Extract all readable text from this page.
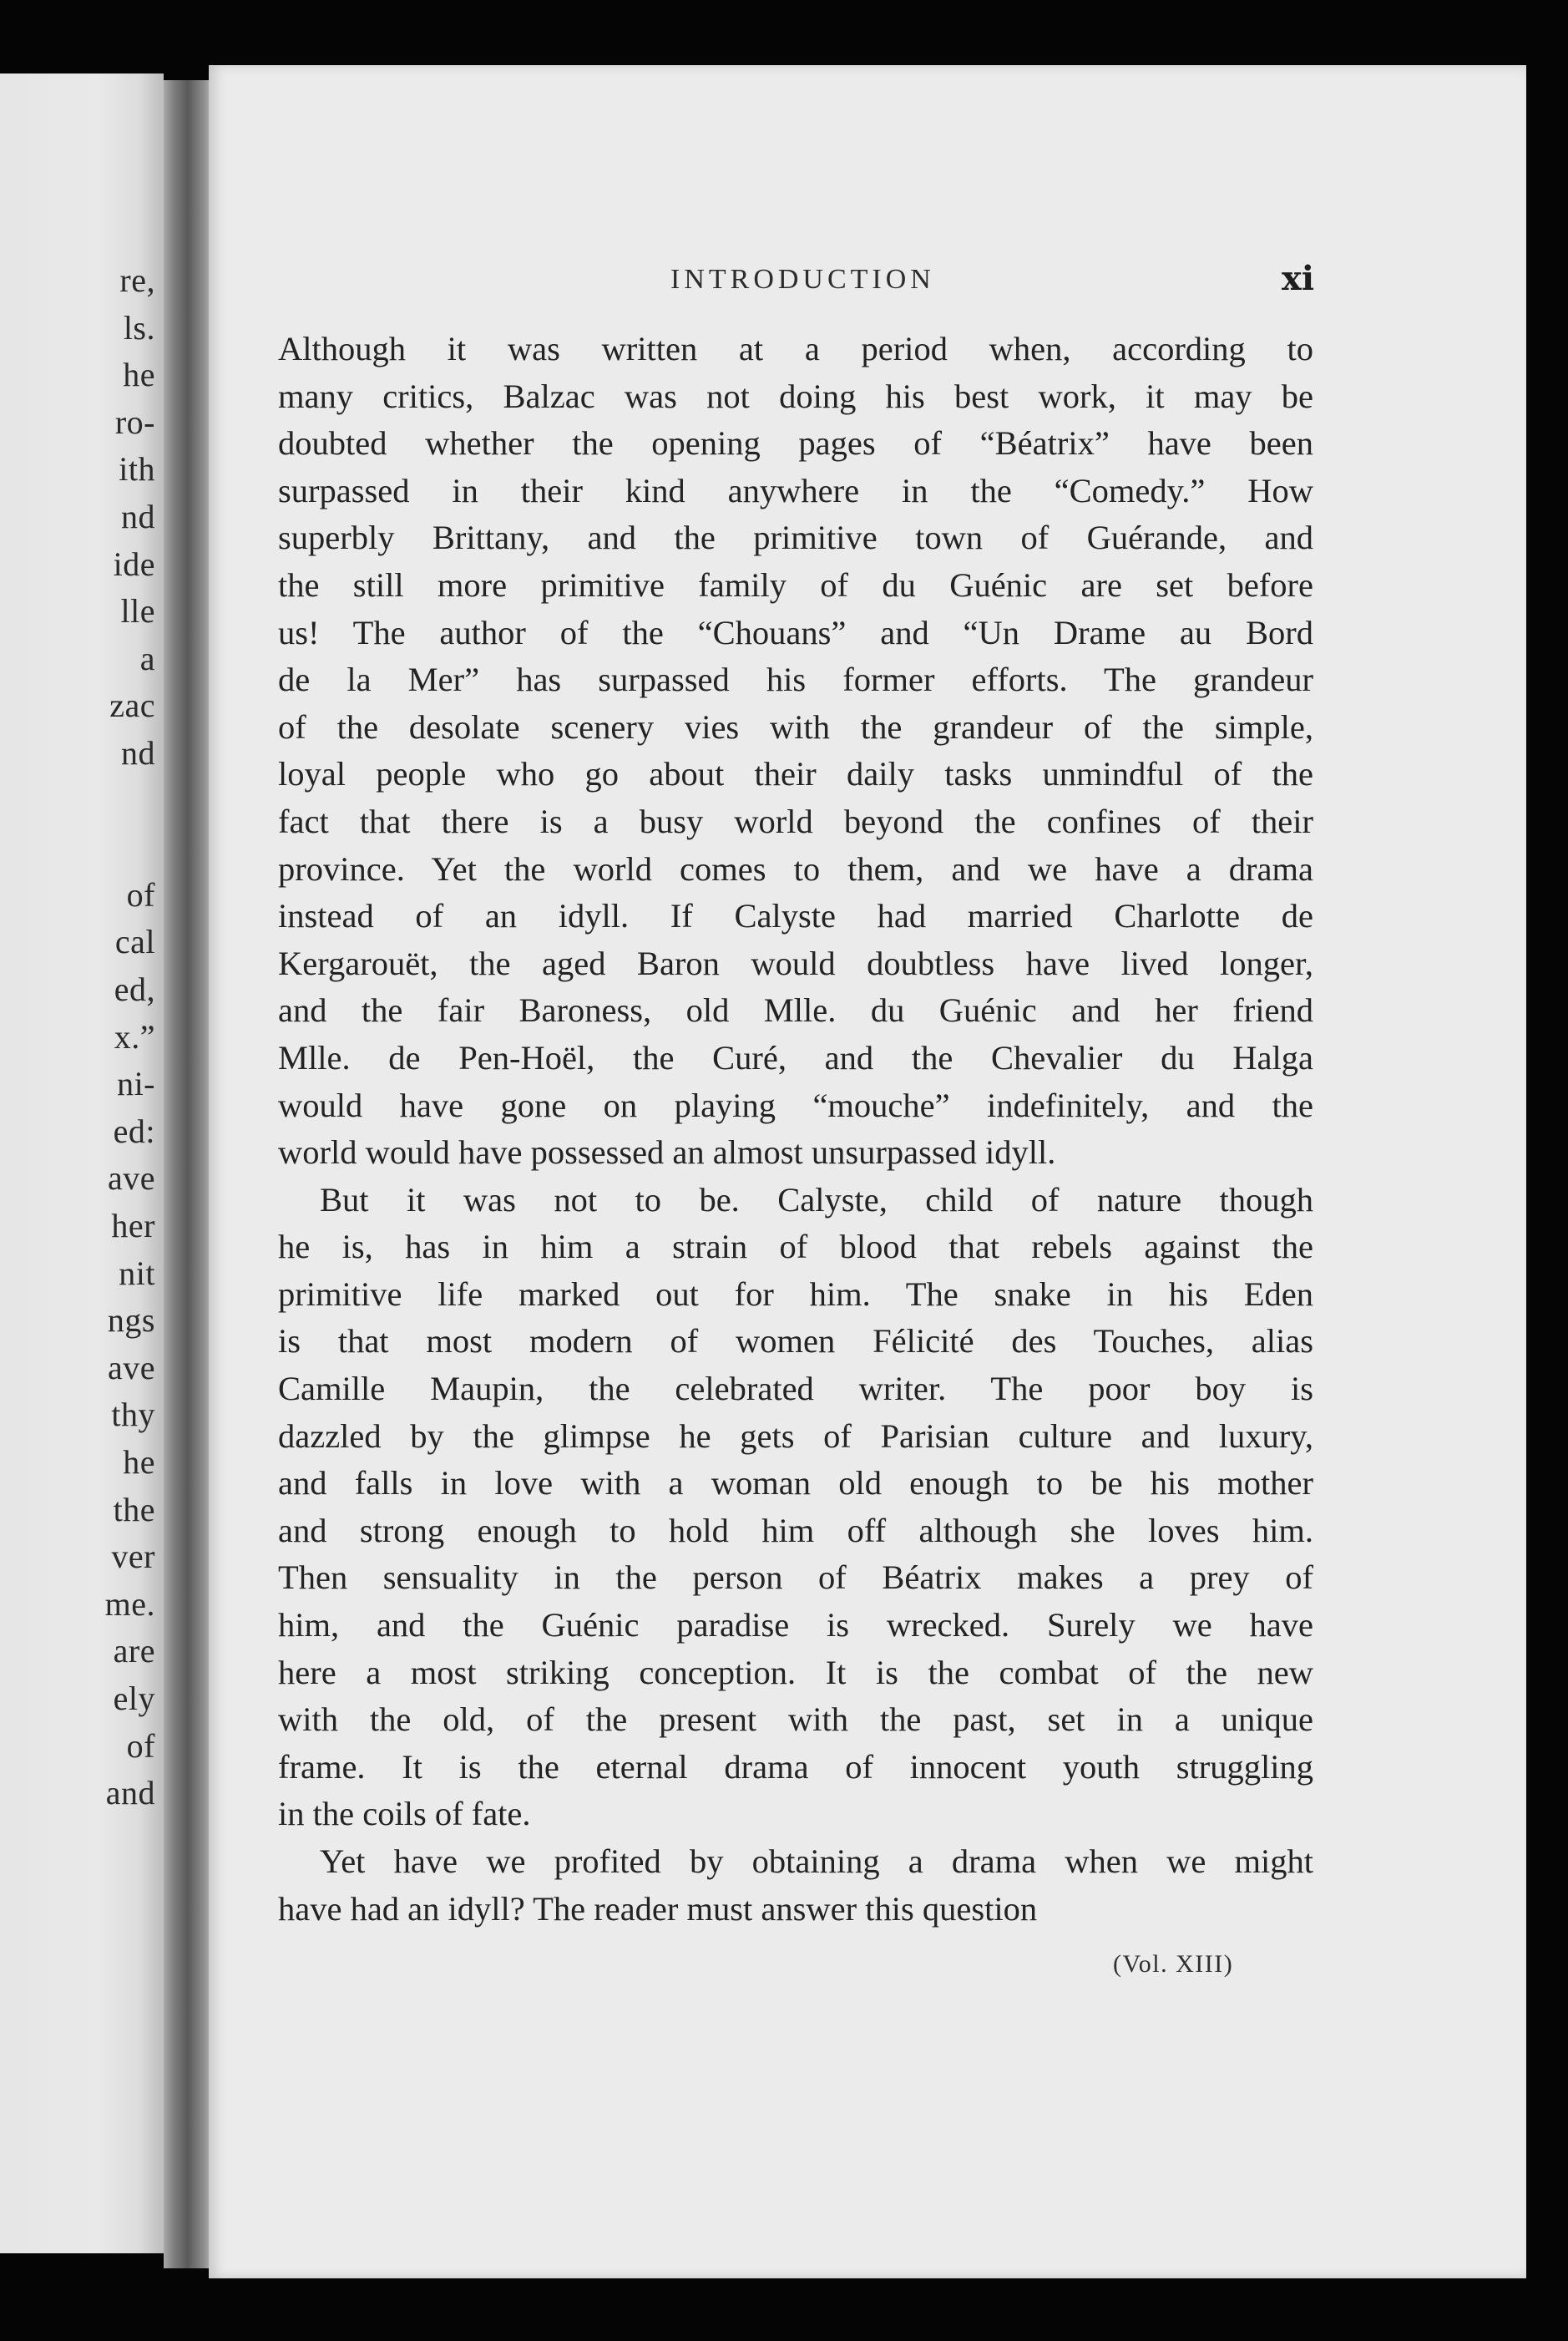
re,
ls.
he
ro-
ith
nd
ide
lle
a
zac
nd
of
cal
ed,
x.”
ni-
ed:
ave
her
nit
ngs
ave
thy
he
the
ver
me.
are
ely
of
and
INTRODUCTION	xi
Although it was written at a period when, according to
many critics, Balzac was not doing his best work, it may be
doubted whether the opening pages of “Béatrix” have been
surpassed in their kind anywhere in the “Comedy.” How
superbly Brittany, and the primitive town of Guérande, and
the still more primitive family of du Guénic are set before
us! The author of the “Chouans” and “Un Drame au Bord
de la Mer” has surpassed his former efforts. The grandeur
of the desolate scenery vies with the grandeur of the simple,
loyal people who go about their daily tasks unmindful of the
fact that there is a busy world beyond the confines of their
province. Yet the world comes to them, and we have a drama
instead of an idyll. If Calyste had married Charlotte de
Kergarouët, the aged Baron would doubtless have lived longer,
and the fair Baroness, old Mlle. du Guénic and her friend
Mlle. de Pen-Hoël, the Curé, and the Chevalier du Halga
would have gone on playing “mouche” indefinitely, and the
world would have possessed an almost unsurpassed idyll.
But it was not to be. Calyste, child of nature though
he is, has in him a strain of blood that rebels against the
primitive life marked out for him. The snake in his Eden
is that most modern of women Félicité des Touches, alias
Camille Maupin, the celebrated writer. The poor boy is
dazzled by the glimpse he gets of Parisian culture and luxury,
and falls in love with a woman old enough to be his mother
and strong enough to hold him off although she loves him.
Then sensuality in the person of Béatrix makes a prey of
him, and the Guénic paradise is wrecked. Surely we have
here a most striking conception. It is the combat of the new
with the old, of the present with the past, set in a unique
frame. It is the eternal drama of innocent youth struggling
in the coils of fate.
Yet have we profited by obtaining a drama when we might
have had an idyll? The reader must answer this question
(Vol. XIII)
